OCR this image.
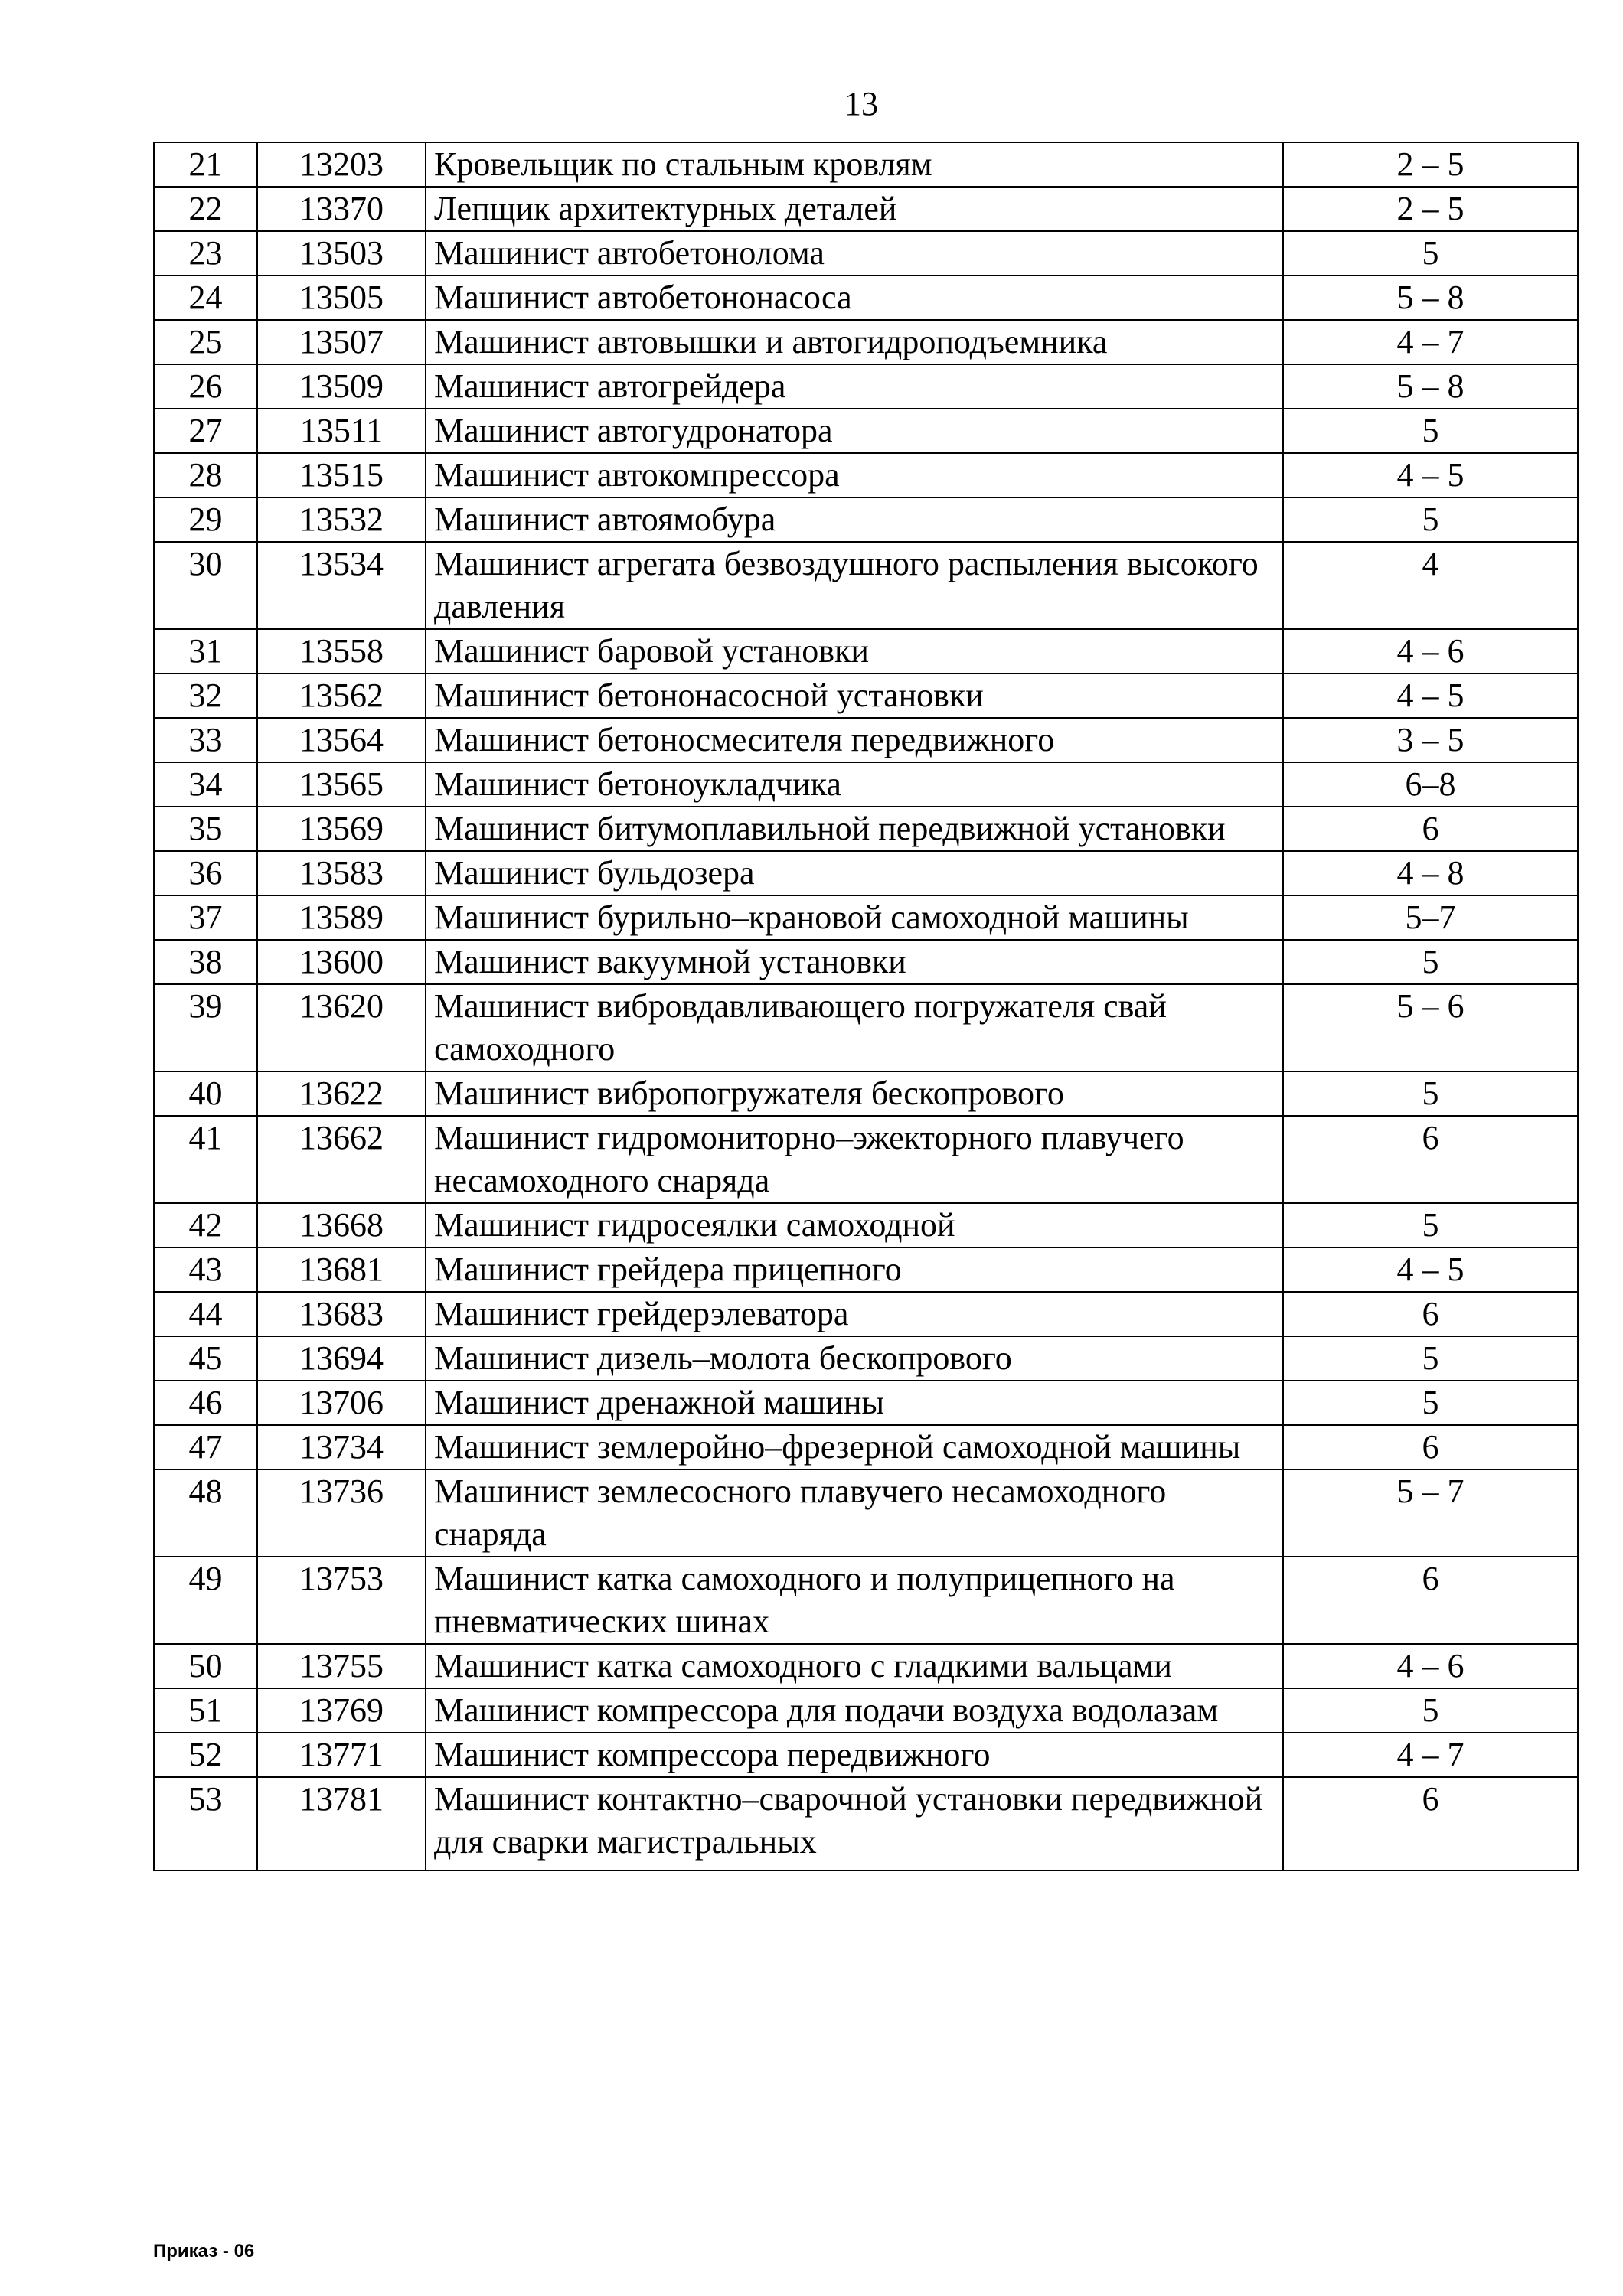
13
21	13203	Кровельщик по стальным кровлям	2 – 5
22	13370	Лепщик архитектурных деталей	2 – 5
23	13503	Машинист автобетонолома	5
24	13505	Машинист автобетононасоса	5 – 8
25	13507	Машинист автовышки и автогидроподъемника	4 – 7
26	13509	Машинист автогрейдера	5 – 8
27	13511	Машинист автогудронатора	5
28	13515	Машинист автокомпрессора	4 – 5
29	13532	Машинист автоямобура	5
30	13534	Машинист агрегата безвоздушного распыления высокого давления	4
31	13558	Машинист баровой установки	4 – 6
32	13562	Машинист бетононасосной установки	4 – 5
33	13564	Машинист бетоносмесителя передвижного	3 – 5
34	13565	Машинист бетоноукладчика	6–8
35	13569	Машинист битумоплавильной передвижной установки	6
36	13583	Машинист бульдозера	4 – 8
37	13589	Машинист бурильно–крановой самоходной машины	5–7
38	13600	Машинист вакуумной установки	5
39	13620	Машинист вибровдавливающего погружателя свай самоходного	5 – 6
40	13622	Машинист вибропогружателя бескопрового	5
41	13662	Машинист гидромониторно–эжекторного плавучего несамоходного снаряда	6
42	13668	Машинист гидросеялки самоходной	5
43	13681	Машинист грейдера прицепного	4 – 5
44	13683	Машинист грейдерэлеватора	6
45	13694	Машинист дизель–молота бескопрового	5
46	13706	Машинист дренажной машины	5
47	13734	Машинист землеройно–фрезерной самоходной машины	6
48	13736	Машинист землесосного плавучего несамоходного снаряда	5 – 7
49	13753	Машинист катка самоходного и полуприцепного на пневматических шинах	6
50	13755	Машинист катка самоходного с гладкими вальцами	4 – 6
51	13769	Машинист компрессора для подачи воздуха водолазам	5
52	13771	Машинист компрессора передвижного	4 – 7
53	13781	Машинист контактно–сварочной установки передвижной для сварки магистральных	6
Приказ - 06
